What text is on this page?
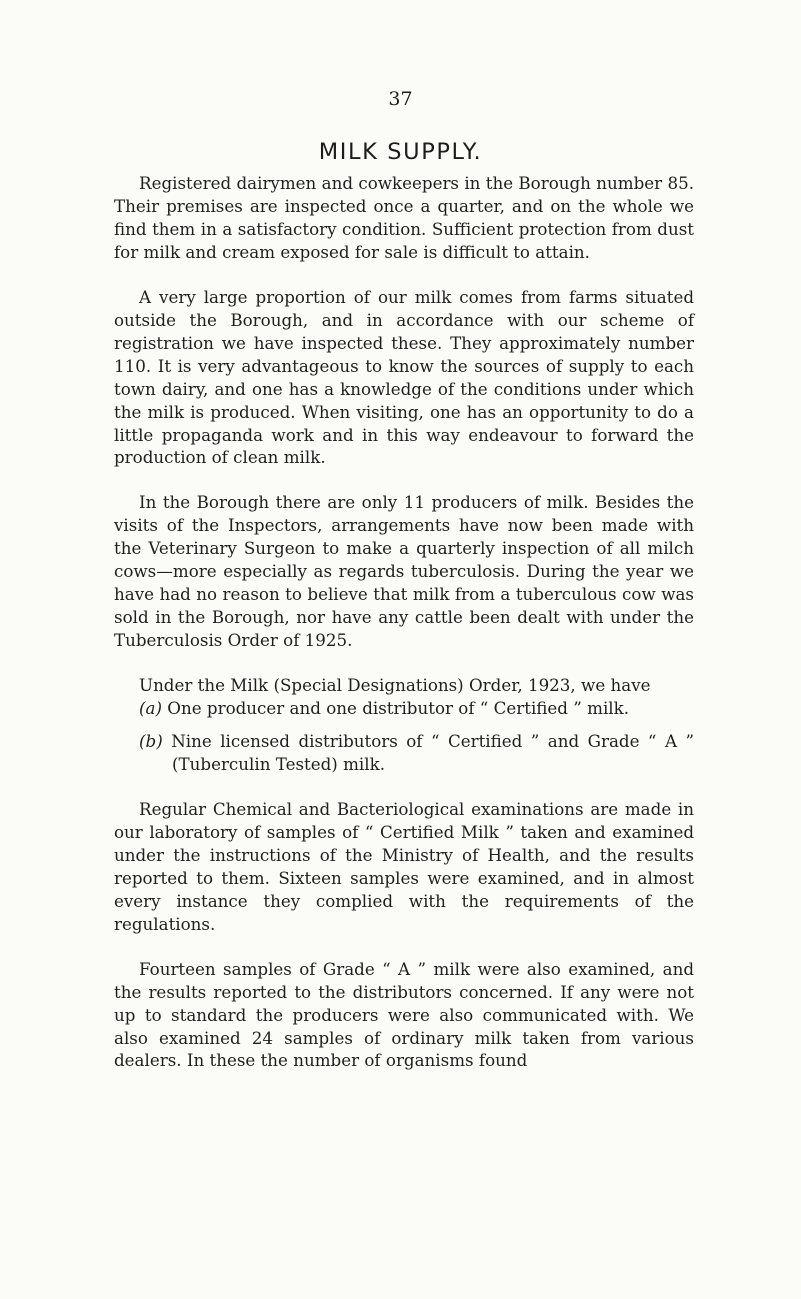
37
MILK SUPPLY.

Registered dairymen and cowkeepers in the Borough number 85. Their premises are inspected once a quarter, and on the whole we find them in a satisfactory condition. Sufficient protection from dust for milk and cream exposed for sale is difficult to attain.

A very large proportion of our milk comes from farms situated outside the Borough, and in accordance with our scheme of registration we have inspected these. They approximately number 110. It is very advantageous to know the sources of supply to each town dairy, and one has a knowledge of the conditions under which the milk is produced. When visiting, one has an opportunity to do a little propaganda work and in this way endeavour to forward the production of clean milk.

In the Borough there are only 11 producers of milk. Besides the visits of the Inspectors, arrangements have now been made with the Veterinary Surgeon to make a quarterly inspection of all milch cows—more especially as regards tuberculosis. During the year we have had no reason to believe that milk from a tuberculous cow was sold in the Borough, nor have any cattle been dealt with under the Tuberculosis Order of 1925.

Under the Milk (Special Designations) Order, 1923, we have

(a) One producer and one distributor of “ Certified ” milk.
(b) Nine licensed distributors of “ Certified ” and Grade “ A ” (Tuberculin Tested) milk.

Regular Chemical and Bacteriological examinations are made in our laboratory of samples of “ Certified Milk ” taken and examined under the instructions of the Ministry of Health, and the results reported to them. Sixteen samples were examined, and in almost every instance they complied with the requirements of the regulations.

Fourteen samples of Grade “ A ” milk were also examined, and the results reported to the distributors concerned. If any were not up to standard the producers were also communicated with. We also examined 24 samples of ordinary milk taken from various dealers. In these the number of organisms found
